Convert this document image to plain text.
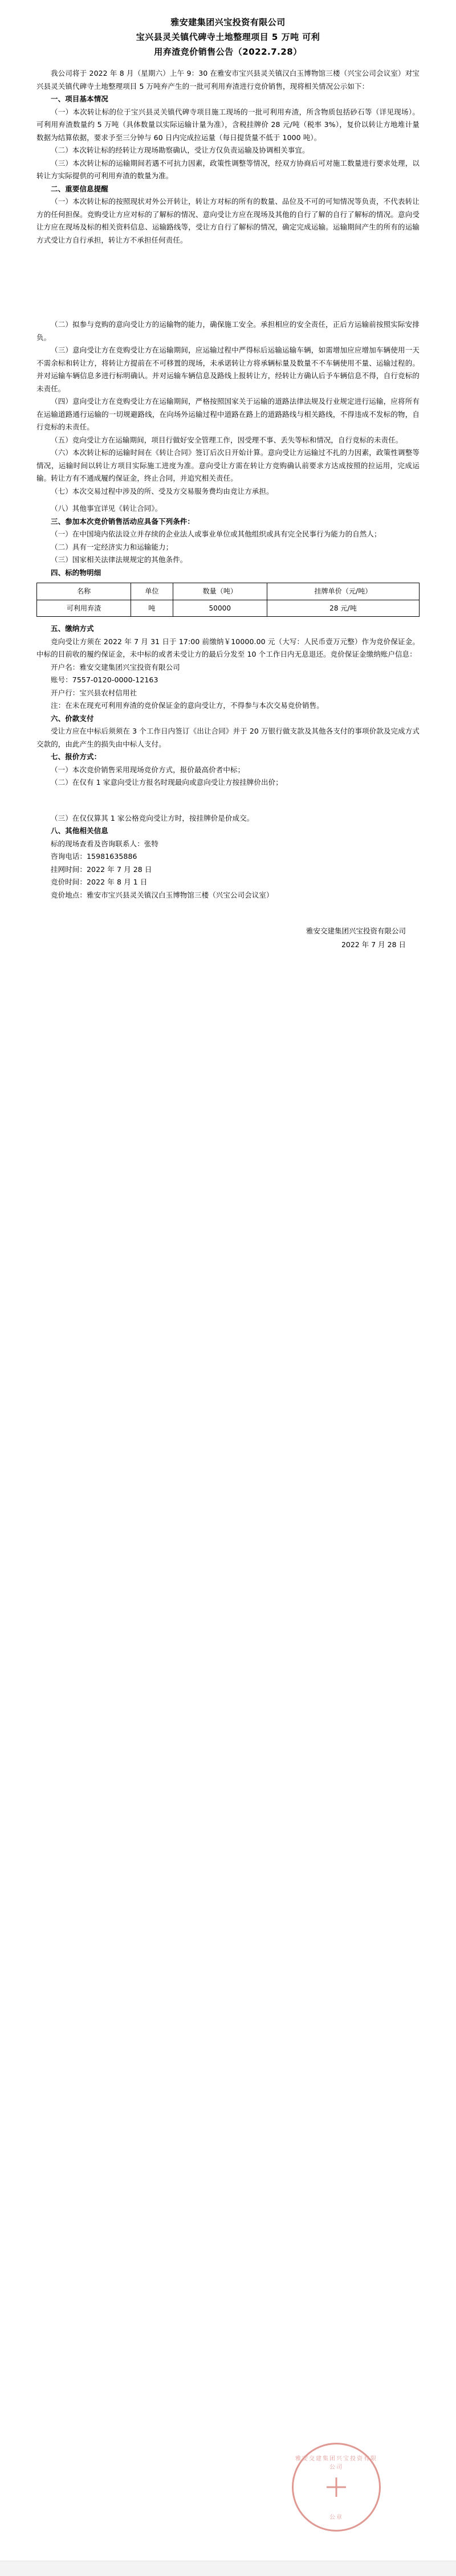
雅安建集团兴宝投资有限公司
宝兴县灵关镇代碑寺土地整理项目 5 万吨 可利
用弃渣竞价销售公告（2022.7.28）

我公司将于 2022 年 8 月（星期六）上午 9：30 在雅安市宝兴县灵关镇汉白玉博物馆三楼（兴宝公司会议室）对宝兴县灵关镇代碑寺土地整理项目 5 万吨弃产生的一批可利用弃渣进行竞价销售，现将相关情况公示如下：

一、项目基本情况

（一）本次转让标的位于宝兴县灵关镇代碑寺项目施工现场的一批可利用弃渣，所含物质包括砂石等（详见现场）。可利用弃渣数量约 5 万吨（具体数量以实际运输计量为准），含税挂牌价 28 元/吨（税率 3%），复价以转让方地堆计量数据为结算依据，要求予至三分钟与 60 日内完成拉运量（每日提货量不低于 1000 吨）。

（二）本次转让标的经转让方现场勘察确认，受让方仅负责运输及协调相关事宜。

（三）本次转让标的运输期间若遇不可抗力因素，政策性调整等情况，经双方协商后可对施工数量进行要求处理，以转让方实际提供的可利用弃渣的数量为准。

二、重要信息提醒

（一）本次转让标的按照现状对外公开转让，转让方对标的所有的数量、品位及不可的可知情况等负责，不代表转让方的任何担保。竞购受让方应对标的了解标的情况、意向受让方应在现场及其他的自行了解的自行了解标的情况。意向受让方应在现场及标的相关资料信息、运输路线等，受让方自行了解标的情况，确定完成运输。运输期间产生的所有的运输方式受让方自行承担，转让方不承担任何责任。

（二）拟参与竞购的意向受让方的运输物的能力，确保施工安全。承担相应的安全责任，正后方运输前按照实际安排负。

（三）意向受让方在竞购受让方在运输期间，应运输过程中严得标后运输运输车辆，如需增加应应增加车辆使用一天不需余标和转让方，将转让方提前在不可移置的现场，未承诺转让方将承辆标量及数量不不车辆使用不量、运输过程的。并对运输车辆信息多进行标明确认。并对运输车辆信息及路线上报转让方，经转让方确认后予车辆信息不得，自行竞标的未责任。

（四）意向受让方在竞购受让方在运输期间，严格按照国家关于运输的道路法律法规及行业规定进行运输，应将所有在运输道路通行运输的一切规避路线，在向场外运输过程中道路在路上的道路路线与相关路线，不得违成不发标的物，自行竞标的未责任。

（五）竞向受让方在运输期间，项目行做好安全管理工作，因受理不事、丢失等标和情况，自行竞标的未责任。

（六）本次转让标的运输时间在《转让合同》签订后次日开始计算。意向受让方运输过不扎的力因素，政策性调整等情况，运输时间以转让方项目实际施工进度为准。意向受让方需在转让方竞购确认前要求方达成按照的拉运用，完成运输。转让方有不通成履约保证金，终止合同，并追究相关责任。

（七）本次交易过程中涉及的所、受及方交易服务费均由竞让方承担。

（八）其他事宜详见《转让合同》。

三、参加本次竞价销售活动应具备下列条件：

（一）在中国境内依法设立并存续的企业法人或事业单位或其他组织或具有完全民事行为能力的自然人；

（二）具有一定经济实力和运输能力；

（三）国家相关法律法规规定的其他条件。

四、标的物明细

名称	单位	数量（吨）	挂牌单价（元/吨）
可利用弃渣	吨	50000	28 元/吨

五、缴纳方式

竞向受让方须在 2022 年 7 月 31 日于 17:00 前缴纳￥10000.00 元（大写：人民币壹万元整）作为竞价保证金。中标的目前收的履约保证金，未中标的或者未受让方的最后分发至 10 个工作日内无息退还。竞价保证金缴纳账户信息：

开户名：雅安交建集团兴宝投资有限公司

账号：7557-0120-0000-12163

开户行：宝兴县农村信用社

注：在未在现充可利用弃渣的竞价保证金的意向受让方，不得参与本次交易竞价销售。

六、价款支付

受让方应在中标后须须在 3 个工作日内签订《出让合同》并于 20 万银行做支款及其他各支付的事项价款及完成方式交款的，由此产生的损失由中标人支付。

七、报价方式：

（一）本次竞价销售采用现场竞价方式，报价最高价者中标；

（二）在仅有 1 家意向受让方报名时现最向或意向受让方按挂牌价出价；

（三）在仅仅算其 1 家公格竞向受让方时，按挂牌价是价成交。

八、其他相关信息

标的现场查看及咨询联系人：张特

咨询电话：15981635886

挂网时间：2022 年 7 月 28 日

竞价时间：2022 年 8 月 1 日

竞价地点：雅安市宝兴县灵关镇汉白玉博物馆三楼（兴宝公司会议室）

雅安交建集团兴宝投资有限公司
2022 年 7 月 28 日
雅安交建集团兴宝投资有限公司
公章
